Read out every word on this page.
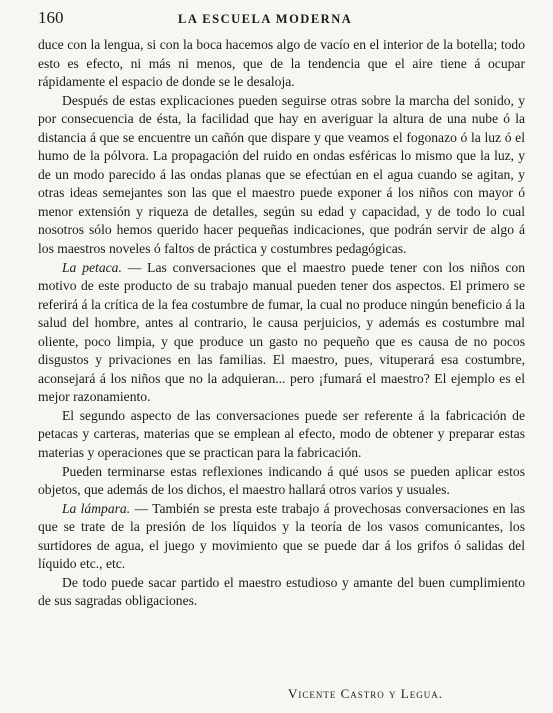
160	LA ESCUELA MODERNA

duce con la lengua, si con la boca hacemos algo de vacío en el interior de la botella; todo esto es efecto, ni más ni menos, que de la tendencia que el aire tiene á ocupar rápidamente el espacio de donde se le desaloja.

Después de estas explicaciones pueden seguirse otras sobre la marcha del sonido, y por consecuencia de ésta, la facilidad que hay en averiguar la altura de una nube ó la distancia á que se encuentre un cañón que dispare y que veamos el fogonazo ó la luz ó el humo de la pólvora. La propagación del ruido en ondas esféricas lo mismo que la luz, y de un modo parecido á las ondas planas que se efectúan en el agua cuando se agitan, y otras ideas semejantes son las que el maestro puede exponer á los niños con mayor ó menor extensión y riqueza de detalles, según su edad y capacidad, y de todo lo cual nosotros sólo hemos querido hacer pequeñas indicaciones, que podrán servir de algo á los maestros noveles ó faltos de práctica y costumbres pedagógicas.

La petaca. — Las conversaciones que el maestro puede tener con los niños con motivo de este producto de su trabajo manual pueden tener dos aspectos. El primero se referirá á la crítica de la fea costumbre de fumar, la cual no produce ningún beneficio á la salud del hombre, antes al contrario, le causa perjuicios, y además es costumbre mal oliente, poco limpia, y que produce un gasto no pequeño que es causa de no pocos disgustos y privaciones en las familias. El maestro, pues, vituperará esa costumbre, aconsejará á los niños que no la adquieran... pero ¡fumará el maestro? El ejemplo es el mejor razonamiento.

El segundo aspecto de las conversaciones puede ser referente á la fabricación de petacas y carteras, materias que se emplean al efecto, modo de obtener y preparar estas materias y operaciones que se practican para la fabricación.

Pueden terminarse estas reflexiones indicando á qué usos se pueden aplicar estos objetos, que además de los dichos, el maestro hallará otros varios y usuales.

La lámpara. — También se presta este trabajo á provechosas conversaciones en las que se trate de la presión de los líquidos y la teoría de los vasos comunicantes, los surtidores de agua, el juego y movimiento que se puede dar á los grifos ó salidas del líquido etc., etc.

De todo puede sacar partido el maestro estudioso y amante del buen cumplimiento de sus sagradas obligaciones.

Vicente Castro y Legua.
